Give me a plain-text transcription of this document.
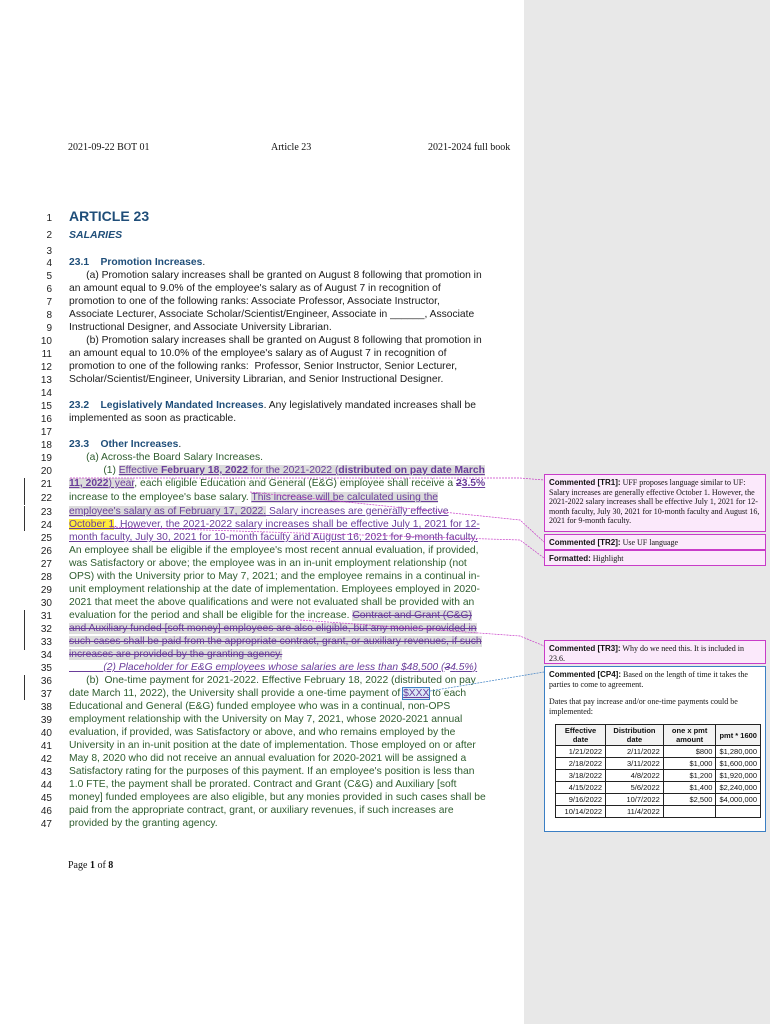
2021-09-22 BOT 01	Article 23	2021-2024 full book
1 ARTICLE 23
2 SALARIES
3
4 23.1    Promotion Increases.
5 (a) Promotion salary increases shall be granted on August 8 following that promotion in
6 an amount equal to 9.0% of the employee's salary as of August 7 in recognition of
7 promotion to one of the following ranks: Associate Professor, Associate Instructor,
8 Associate Lecturer, Associate Scholar/Scientist/Engineer, Associate in ______, Associate
9 Instructional Designer, and Associate University Librarian.
10 (b) Promotion salary increases shall be granted on August 8 following that promotion in
11 an amount equal to 10.0% of the employee's salary as of August 7 in recognition of
12 promotion to one of the following ranks:  Professor, Senior Instructor, Senior Lecturer,
13 Scholar/Scientist/Engineer, University Librarian, and Senior Instructional Designer.
14
15 23.2    Legislatively Mandated Increases. Any legislatively mandated increases shall be
16 implemented as soon as practicable.
17
18 23.3    Other Increases.
19 (a) Across-the Board Salary Increases.
20 (1) Effective February 18, 2022 for the 2021-2022 (distributed on pay date March
21 11, 2022) year, each eligible Education and General (E&G) employee shall receive a 23.5%
22 increase to the employee's base salary. This increase will be calculated using the
23 employee's salary as of February 17, 2022. Salary increases are generally effective
24 October 1. However, the 2021-2022 salary increases shall be effective July 1, 2021 for 12-
25 month faculty, July 30, 2021 for 10-month faculty and August 16, 2021 for 9-month faculty.
26 An employee shall be eligible if the employee's most recent annual evaluation, if provided,
27 was Satisfactory or above; the employee was in an in-unit employment relationship (not
28 OPS) with the University prior to May 7, 2021; and the employee remains in a continual in-
29 unit employment relationship at the date of implementation. Employees employed in 2020-
30 2021 that meet the above qualifications and were not evaluated shall be provided with an
31 evaluation for the period and shall be eligible for the increase. Contract and Grant (C&G)
32 and Auxiliary funded [soft money] employees are also eligible, but any monies provided in
33 such cases shall be paid from the appropriate contract, grant, or auxiliary revenues, if such
34 increases are provided by the granting agency.
35 (2) Placeholder for E&G employees whose salaries are less than $48,500 (34.5%)
36 (b)  One-time payment for 2021-2022. Effective February 18, 2022 (distributed on pay
37 date March 11, 2022), the University shall provide a one-time payment of $XXX to each
38 Educational and General (E&G) funded employee who was in a continual, non-OPS
39 employment relationship with the University on May 7, 2021, whose 2020-2021 annual
40 evaluation, if provided, was Satisfactory or above, and who remains employed by the
41 University in an in-unit position at the date of implementation. Those employed on or after
42 May 8, 2020 who did not receive an annual evaluation for 2020-2021 will be assigned a
43 Satisfactory rating for the purposes of this payment. If an employee's position is less than
44 1.0 FTE, the payment shall be prorated. Contract and Grant (C&G) and Auxiliary [soft
45 money] funded employees are also eligible, but any monies provided in such cases shall be
46 paid from the appropriate contract, grant, or auxiliary revenues, if such increases are
47 provided by the granting agency.
Page 1 of 8
Commented [TR1]: UFF proposes language similar to UF: Salary increases are generally effective October 1. However, the 2021-2022 salary increases shall be effective July 1, 2021 for 12-month faculty, July 30, 2021 for 10-month faculty and August 16, 2021 for 9-month faculty.
Commented [TR2]: Use UF language
Formatted: Highlight
Commented [TR3]: Why do we need this. It is included in 23.6.
Commented [CP4]: Based on the length of time it takes the parties to come to agreement.
Dates that pay increase and/or one-time payments could be implemented:
Effective date	Distribution date	one x pmt amount	pmt * 1600
1/21/2022	2/11/2022	$800	$1,280,000
2/18/2022	3/11/2022	$1,000	$1,600,000
3/18/2022	4/8/2022	$1,200	$1,920,000
4/15/2022	5/6/2022	$1,400	$2,240,000
9/16/2022	10/7/2022	$2,500	$4,000,000
10/14/2022	11/4/2022		
